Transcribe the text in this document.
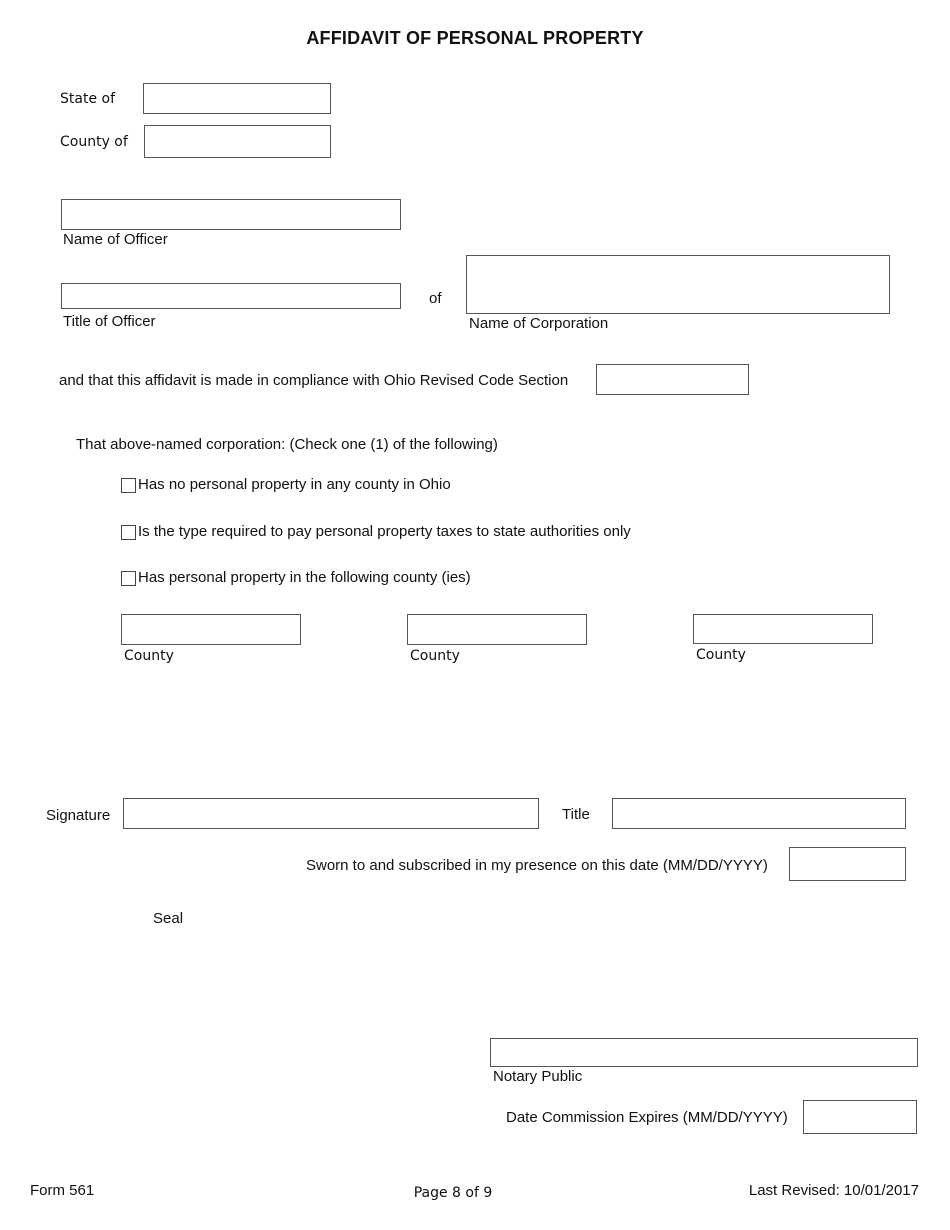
AFFIDAVIT OF PERSONAL PROPERTY
State of
County of
Name of Officer
Title of Officer
of
Name of Corporation
and that this affidavit is made in compliance with Ohio Revised Code Section
That above-named corporation: (Check one (1) of the following)
Has no personal property in any county in Ohio
Is the type required to pay personal property taxes to state authorities only
Has personal property in the following county (ies)
County	County	County
Signature	Title
Sworn to and subscribed in my presence on this date (MM/DD/YYYY)
Seal
Notary Public
Date Commission Expires (MM/DD/YYYY)
Form 561	Page 8 of 9	Last Revised: 10/01/2017
